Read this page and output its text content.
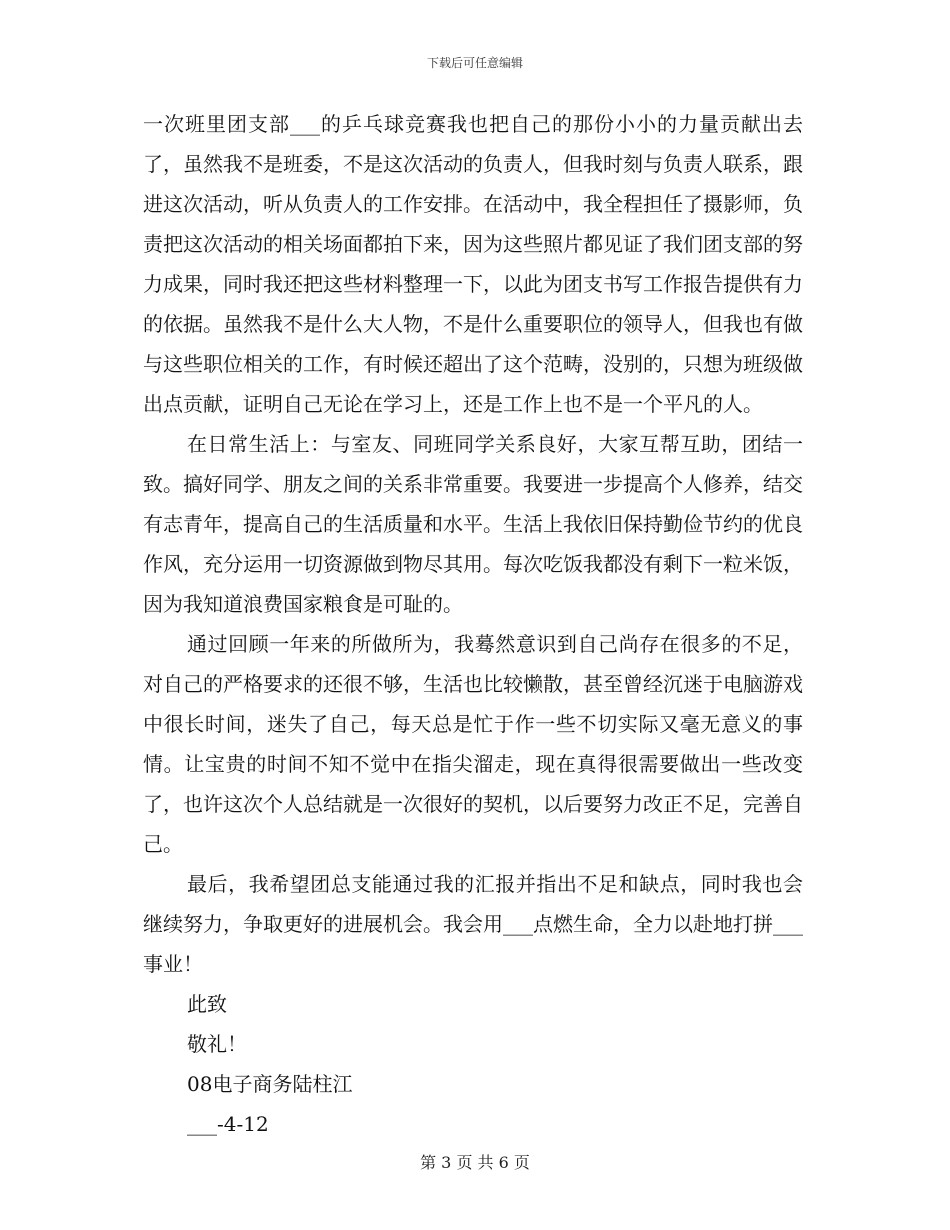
下载后可任意编辑

一次班里团支部___的乒乓球竞赛我也把自己的那份小小的力量贡献出去了，虽然我不是班委，不是这次活动的负责人，但我时刻与负责人联系，跟进这次活动，听从负责人的工作安排。在活动中，我全程担任了摄影师，负责把这次活动的相关场面都拍下来，因为这些照片都见证了我们团支部的努力成果，同时我还把这些材料整理一下，以此为团支书写工作报告提供有力的依据。虽然我不是什么大人物，不是什么重要职位的领导人，但我也有做与这些职位相关的工作，有时候还超出了这个范畴，没别的，只想为班级做出点贡献，证明自己无论在学习上，还是工作上也不是一个平凡的人。

在日常生活上：与室友、同班同学关系良好，大家互帮互助，团结一致。搞好同学、朋友之间的关系非常重要。我要进一步提高个人修养，结交有志青年，提高自己的生活质量和水平。生活上我依旧保持勤俭节约的优良作风，充分运用一切资源做到物尽其用。每次吃饭我都没有剩下一粒米饭，因为我知道浪费国家粮食是可耻的。

通过回顾一年来的所做所为，我蓦然意识到自己尚存在很多的不足，对自己的严格要求的还很不够，生活也比较懒散，甚至曾经沉迷于电脑游戏中很长时间，迷失了自己，每天总是忙于作一些不切实际又毫无意义的事情。让宝贵的时间不知不觉中在指尖溜走，现在真得很需要做出一些改变了，也许这次个人总结就是一次很好的契机，以后要努力改正不足，完善自己。

最后，我希望团总支能通过我的汇报并指出不足和缺点，同时我也会继续努力，争取更好的进展机会。我会用___点燃生命，全力以赴地打拼___事业！

此致

敬礼！

08电子商务陆柱江

___-4-12

第 3 页 共 6 页
